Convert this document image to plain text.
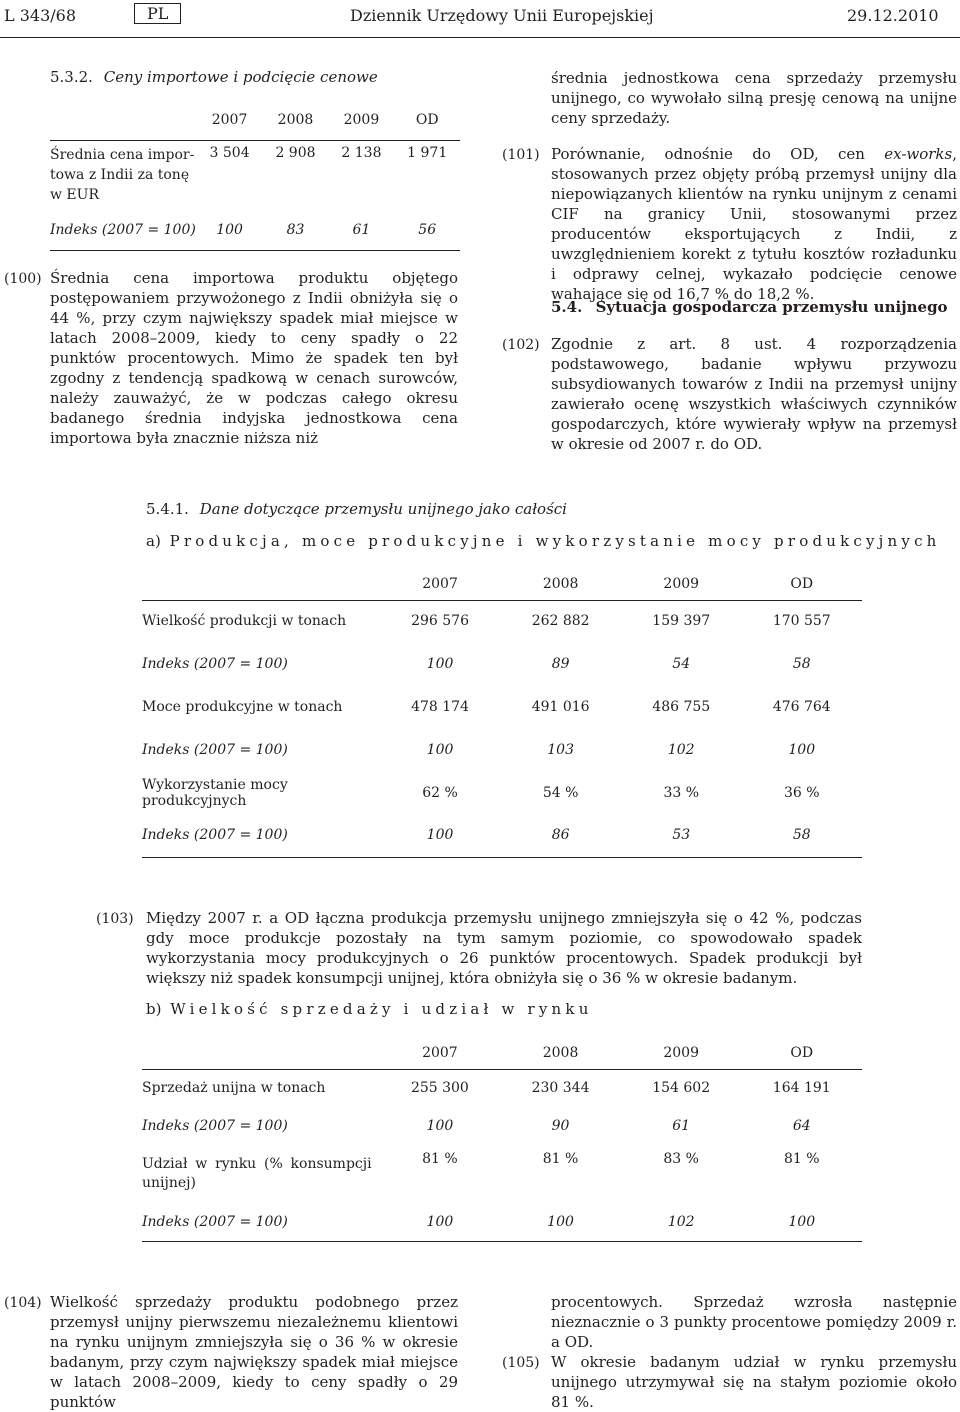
L 343/68	PL	Dziennik Urzędowy Unii Europejskiej	29.12.2010
5.3.2. Ceny importowe i podcięcie cenowe
	2007	2008	2009	OD
Średnia cena impor-
towa z Indii za tonę
w EUR	3 504	2 908	2 138	1 971
Indeks (2007 = 100)	100	83	61	56

(100) Średnia cena importowa produktu objętego postępowaniem przywożonego z Indii obniżyła się o 44 %, przy czym największy spadek miał miejsce w latach 2008–2009, kiedy to ceny spadły o 22 punktów procentowych. Mimo że spadek ten był zgodny z tendencją spadkową w cenach surowców, należy zauważyć, że w podczas całego okresu badanego średnia indyjska jednostkowa cena importowa była znacznie niższa niż

średnia jednostkowa cena sprzedaży przemysłu unijnego, co wywołało silną presję cenową na unijne ceny sprzedaży.

(101) Porównanie, odnośnie do OD, cen ex-works, stosowanych przez objęty próbą przemysł unijny dla niepowiązanych klientów na rynku unijnym z cenami CIF na granicy Unii, stosowanymi przez producentów eksportujących z Indii, z uwzględnieniem korekt z tytułu kosztów rozładunku i odprawy celnej, wykazało podcięcie cenowe wahające się od 16,7 % do 18,2 %.

5.4. Sytuacja gospodarcza przemysłu unijnego
(102) Zgodnie z art. 8 ust. 4 rozporządzenia podstawowego, badanie wpływu przywozu subsydiowanych towarów z Indii na przemysł unijny zawierało ocenę wszystkich właściwych czynników gospodarczych, które wywierały wpływ na przemysł w okresie od 2007 r. do OD.

5.4.1. Dane dotyczące przemysłu unijnego jako całości
a) Produkcja, moce produkcyjne i wykorzystanie mocy produkcyjnych
	2007	2008	2009	OD
Wielkość produkcji w tonach	296 576	262 882	159 397	170 557
Indeks (2007 = 100)	100	89	54	58
Moce produkcyjne w tonach	478 174	491 016	486 755	476 764
Indeks (2007 = 100)	100	103	102	100
Wykorzystanie mocy produkcyjnych	62 %	54 %	33 %	36 %
Indeks (2007 = 100)	100	86	53	58

(103) Między 2007 r. a OD łączna produkcja przemysłu unijnego zmniejszyła się o 42 %, podczas gdy moce produkcje pozostały na tym samym poziomie, co spowodowało spadek wykorzystania mocy produkcyjnych o 26 punktów procentowych. Spadek produkcji był większy niż spadek konsumpcji unijnej, która obniżyła się o 36 % w okresie badanym.

b) Wielkość sprzedaży i udział w rynku
	2007	2008	2009	OD
Sprzedaż unijna w tonach	255 300	230 344	154 602	164 191
Indeks (2007 = 100)	100	90	61	64
Udział w rynku (% konsumpcji unijnej)	81 %	81 %	83 %	81 %
Indeks (2007 = 100)	100	100	102	100

(104) Wielkość sprzedaży produktu podobnego przez przemysł unijny pierwszemu niezależnemu klientowi na rynku unijnym zmniejszyła się o 36 % w okresie badanym, przy czym największy spadek miał miejsce w latach 2008–2009, kiedy to ceny spadły o 29 punktów

procentowych. Sprzedaż wzrosła następnie nieznacznie o 3 punkty procentowe pomiędzy 2009 r. a OD.

(105) W okresie badanym udział w rynku przemysłu unijnego utrzymywał się na stałym poziomie około 81 %.
